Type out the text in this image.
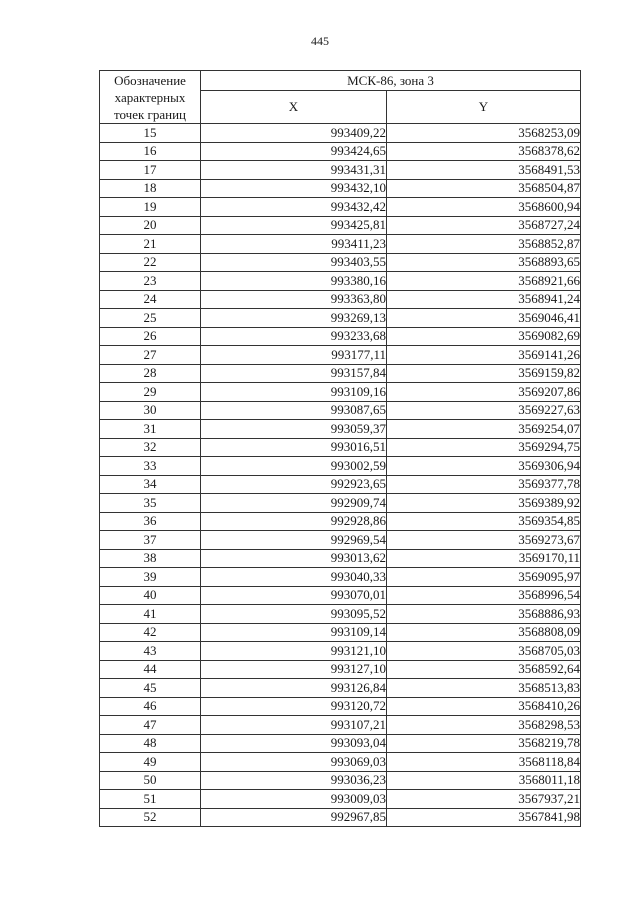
445
Обозначение
характерных
точек границ	МСК-86, зона 3	
	X	Y
15	993409,22	3568253,09
16	993424,65	3568378,62
17	993431,31	3568491,53
18	993432,10	3568504,87
19	993432,42	3568600,94
20	993425,81	3568727,24
21	993411,23	3568852,87
22	993403,55	3568893,65
23	993380,16	3568921,66
24	993363,80	3568941,24
25	993269,13	3569046,41
26	993233,68	3569082,69
27	993177,11	3569141,26
28	993157,84	3569159,82
29	993109,16	3569207,86
30	993087,65	3569227,63
31	993059,37	3569254,07
32	993016,51	3569294,75
33	993002,59	3569306,94
34	992923,65	3569377,78
35	992909,74	3569389,92
36	992928,86	3569354,85
37	992969,54	3569273,67
38	993013,62	3569170,11
39	993040,33	3569095,97
40	993070,01	3568996,54
41	993095,52	3568886,93
42	993109,14	3568808,09
43	993121,10	3568705,03
44	993127,10	3568592,64
45	993126,84	3568513,83
46	993120,72	3568410,26
47	993107,21	3568298,53
48	993093,04	3568219,78
49	993069,03	3568118,84
50	993036,23	3568011,18
51	993009,03	3567937,21
52	992967,85	3567841,98
